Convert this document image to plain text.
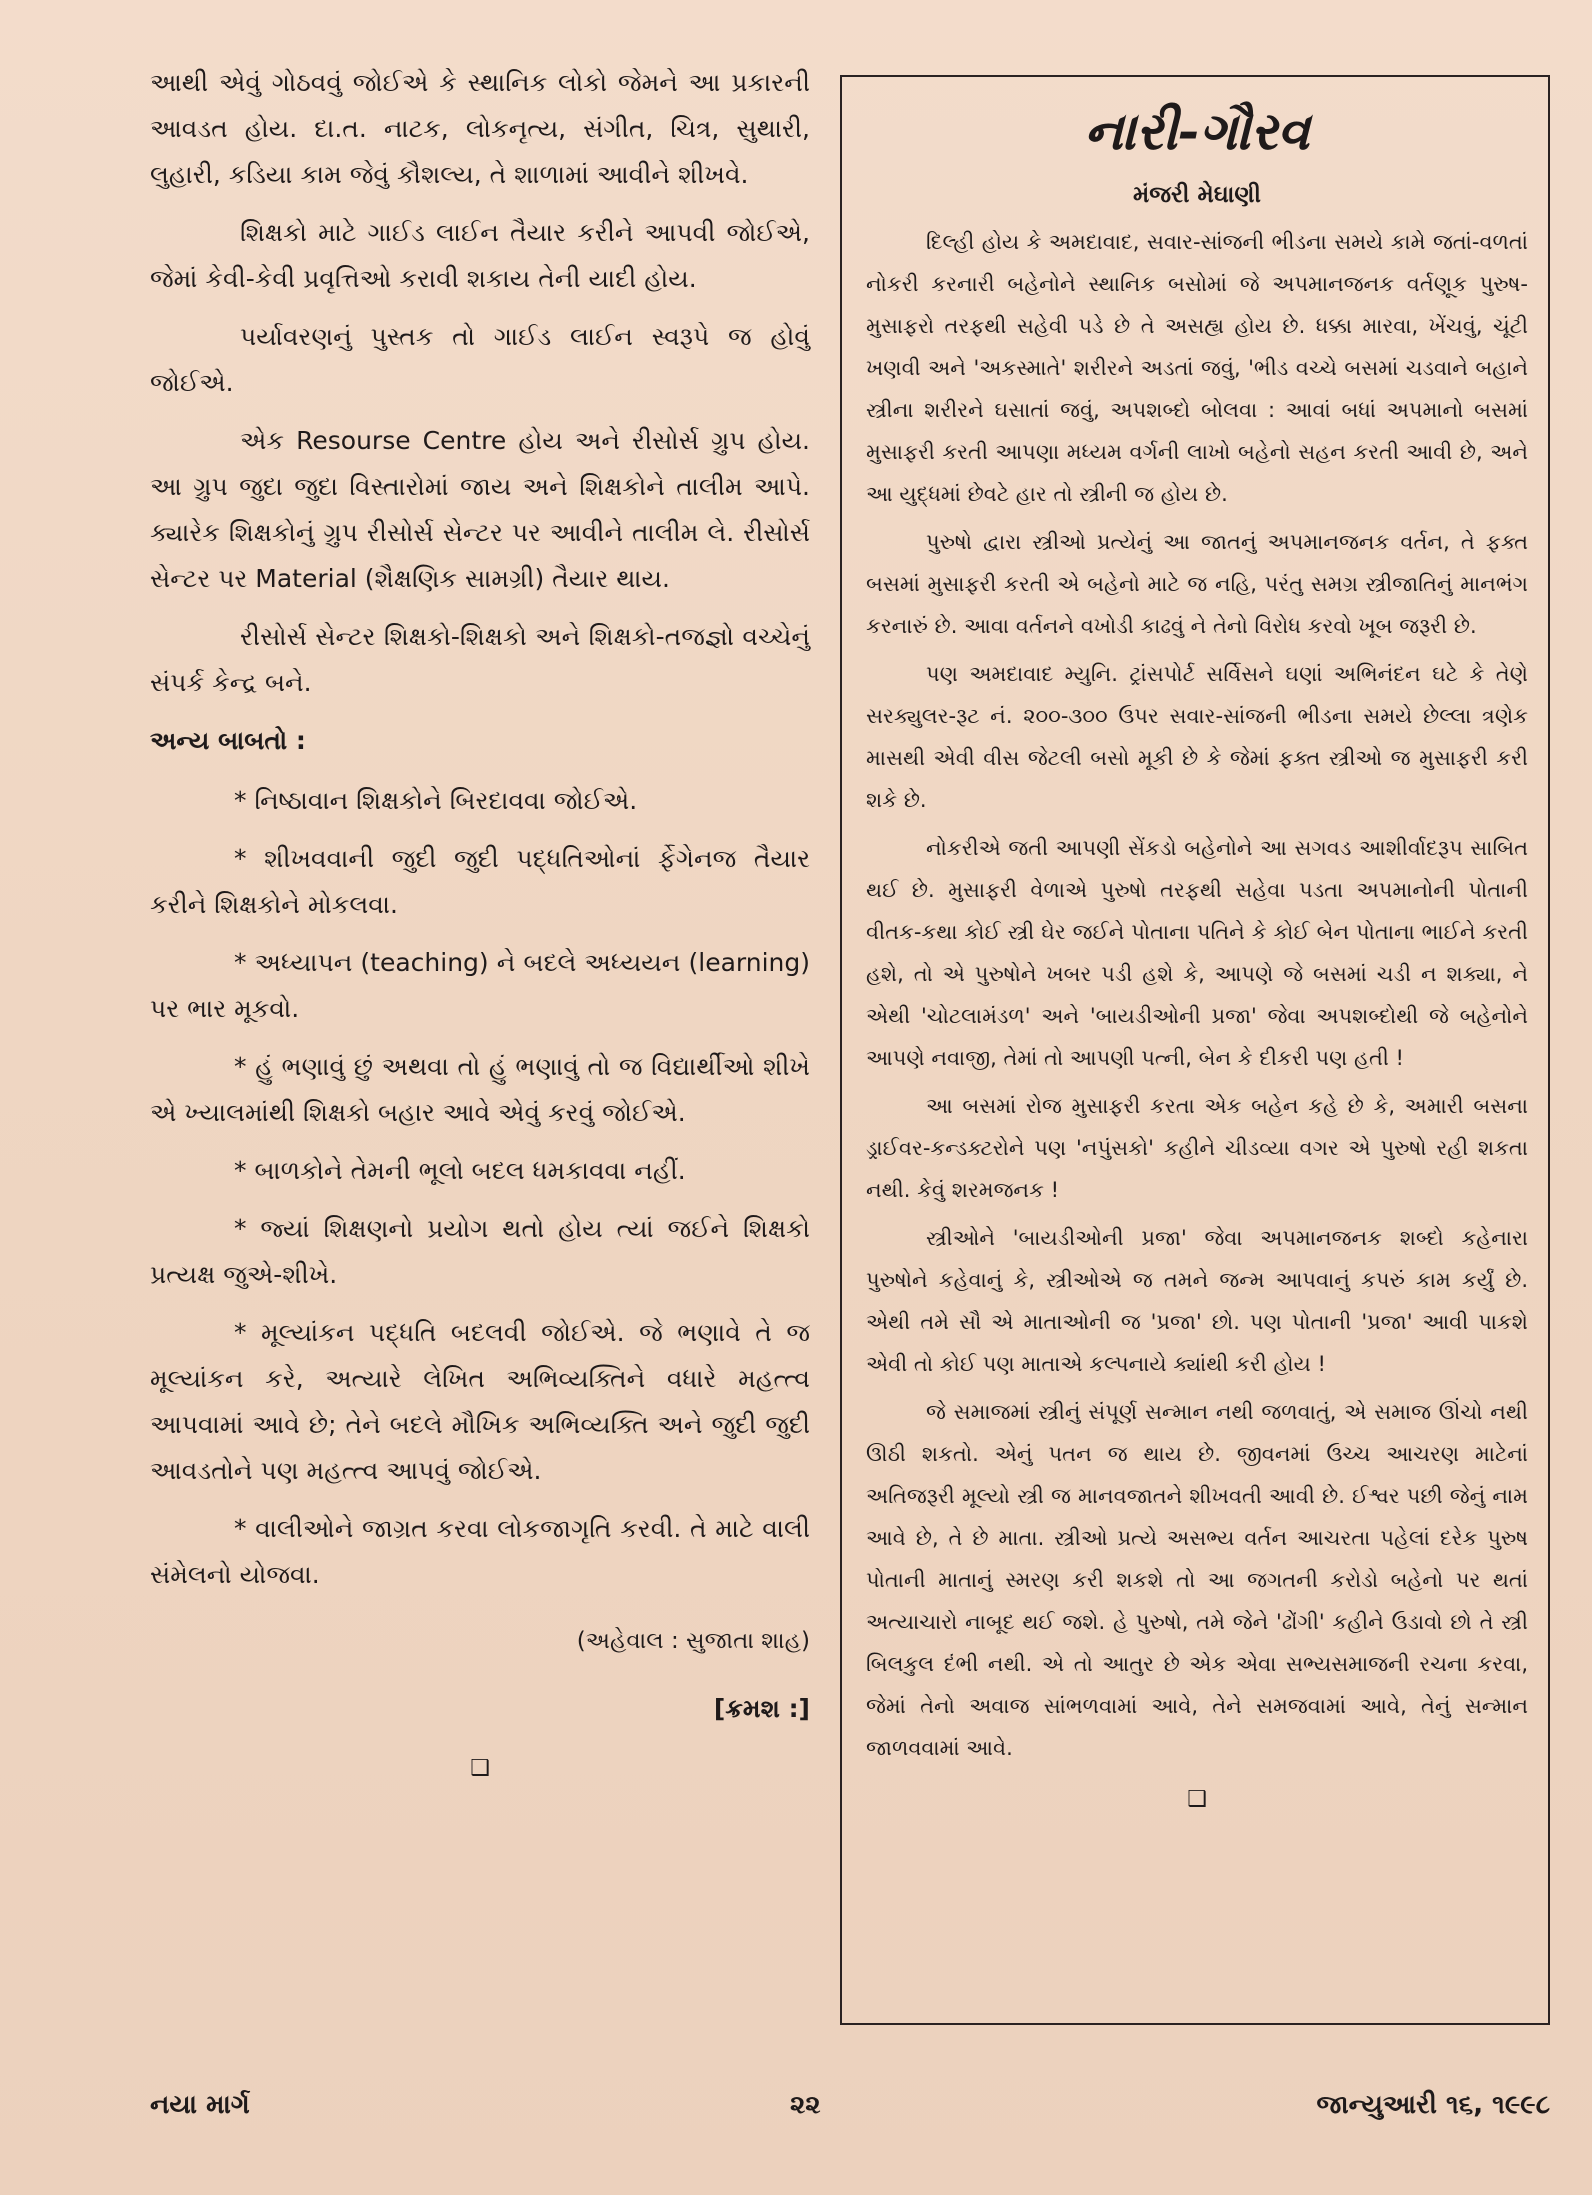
આથી એવું ગોઠવવું જોઈએ કે સ્થાનિક લોકો જેમને આ પ્રકારની આવડત હોય. દા.ત. નાટક, લોકનૃત્ય, સંગીત, ચિત્ર, સુથારી, લુહારી, કડિયા કામ જેવું કૌશલ્ય, તે શાળામાં આવીને શીખવે.

શિક્ષકો માટે ગાઈડ લાઈન તૈયાર કરીને આપવી જોઈએ, જેમાં કેવી-કેવી પ્રવૃત્તિઓ કરાવી શકાય તેની યાદી હોય.

પર્યાવરણનું પુસ્તક તો ગાઈડ લાઈન સ્વરૂપે જ હોવું જોઈએ.

એક Resourse Centre હોય અને રીસોર્સ ગ્રુપ હોય. આ ગ્રુપ જુદા જુદા વિસ્તારોમાં જાય અને શિક્ષકોને તાલીમ આપે. ક્યારેક શિક્ષકોનું ગ્રુપ રીસોર્સ સેન્ટર પર આવીને તાલીમ લે. રીસોર્સ સેન્ટર પર Material (શૈક્ષણિક સામગ્રી) તૈયાર થાય.

રીસોર્સ સેન્ટર શિક્ષકો-શિક્ષકો અને શિક્ષકો-તજજ્ઞો વચ્ચેનું સંપર્ક કેન્દ્ર બને.

અન્ય બાબતો :

* નિષ્ઠાવાન શિક્ષકોને બિરદાવવા જોઈએ.

* શીખવવાની જુદી જુદી પદ્ધતિઓનાં ર્ફેગેનજ તૈયાર કરીને શિક્ષકોને મોકલવા.

* અધ્યાપન (teaching) ને બદલે અધ્યયન (learning) પર ભાર મૂકવો.

* હું ભણાવું છું અથવા તો હું ભણાવું તો જ વિદ્યાર્થીઓ શીખે એ ખ્યાલમાંથી શિક્ષકો બહાર આવે એવું કરવું જોઈએ.

* બાળકોને તેમની ભૂલો બદલ ધમકાવવા નહીં.

* જ્યાં શિક્ષણનો પ્રયોગ થતો હોય ત્યાં જઈને શિક્ષકો પ્રત્યક્ષ જુએ-શીખે.

* મૂલ્યાંકન પદ્ધતિ બદલવી જોઈએ. જે ભણાવે તે જ મૂલ્યાંકન કરે, અત્યારે લેખિત અભિવ્યક્તિને વધારે મહત્ત્વ આપવામાં આવે છે; તેને બદલે મૌખિક અભિવ્યક્તિ અને જુદી જુદી આવડતોને પણ મહત્ત્વ આપવું જોઈએ.

* વાલીઓને જાગ્રત કરવા લોકજાગૃતિ કરવી. તે માટે વાલી સંમેલનો યોજવા.

(અહેવાલ : સુજાતા શાહ)
[ક્રમશ :]
❑
નારી-ગૌરવ
મંજરી મેઘાણી

દિલ્હી હોય કે અમદાવાદ, સવાર-સાંજની ભીડના સમયે કામે જતાં-વળતાં નોકરી કરનારી બહેનોને સ્થાનિક બસોમાં જે અપમાનજનક વર્તણૂક પુરુષ-મુસાફરો તરફથી સહેવી પડે છે તે અસહ્ય હોય છે. ધક્કા મારવા, ખેંચવું, ચૂંટી ખણવી અને 'અકસ્માતે' શરીરને અડતાં જવું, 'ભીડ વચ્ચે બસમાં ચડવાને બહાને સ્ત્રીના શરીરને ઘસાતાં જવું, અપશબ્દો બોલવા : આવાં બધાં અપમાનો બસમાં મુસાફરી કરતી આપણા મધ્યમ વર્ગની લાખો બહેનો સહન કરતી આવી છે, અને આ યુદ્ધમાં છેવટે હાર તો સ્ત્રીની જ હોય છે.

પુરુષો દ્વારા સ્ત્રીઓ પ્રત્યેનું આ જાતનું અપમાનજનક વર્તન, તે ફક્ત બસમાં મુસાફરી કરતી એ બહેનો માટે જ નહિ, પરંતુ સમગ્ર સ્ત્રીજાતિનું માનભંગ કરનારું છે. આવા વર્તનને વખોડી કાઢવું ને તેનો વિરોધ કરવો ખૂબ જરૂરી છે.

પણ અમદાવાદ મ્યુનિ. ટ્રાંસપોર્ટ સર્વિસને ઘણાં અભિનંદન ઘટે કે તેણે સરક્યુલર-રૂટ નં. ૨૦૦-૩૦૦ ઉપર સવાર-સાંજની ભીડના સમયે છેલ્લા ત્રણેક માસથી એવી વીસ જેટલી બસો મૂકી છે કે જેમાં ફક્ત સ્ત્રીઓ જ મુસાફરી કરી શકે છે.

નોકરીએ જતી આપણી સેંકડો બહેનોને આ સગવડ આશીર્વાદરૂપ સાબિત થઈ છે. મુસાફરી વેળાએ પુરુષો તરફથી સહેવા પડતા અપમાનોની પોતાની વીતક-કથા કોઈ સ્ત્રી ઘેર જઈને પોતાના પતિને કે કોઈ બેન પોતાના ભાઈને કરતી હશે, તો એ પુરુષોને ખબર પડી હશે કે, આપણે જે બસમાં ચડી ન શક્યા, ને એથી 'ચોટલામંડળ' અને 'બાયડીઓની પ્રજા' જેવા અપશબ્દોથી જે બહેનોને આપણે નવાજી, તેમાં તો આપણી પત્ની, બેન કે દીકરી પણ હતી !

આ બસમાં રોજ મુસાફરી કરતા એક બહેન કહે છે કે, અમારી બસના ડ્રાઈવર-કન્ડક્ટરોને પણ 'નપુંસકો' કહીને ચીડવ્યા વગર એ પુરુષો રહી શકતા નથી. કેવું શરમજનક !

સ્ત્રીઓને 'બાયડીઓની પ્રજા' જેવા અપમાનજનક શબ્દો કહેનારા પુરુષોને કહેવાનું કે, સ્ત્રીઓએ જ તમને જન્મ આપવાનું કપરું કામ કર્યું છે. એથી તમે સૌ એ માતાઓની જ 'પ્રજા' છો. પણ પોતાની 'પ્રજા' આવી પાકશે એવી તો કોઈ પણ માતાએ કલ્પનાયે ક્યાંથી કરી હોય !

જે સમાજમાં સ્ત્રીનું સંપૂર્ણ સન્માન નથી જળવાતું, એ સમાજ ઊંચો નથી ઊઠી શકતો. એનું પતન જ થાય છે. જીવનમાં ઉચ્ચ આચરણ માટેનાં અતિજરૂરી મૂલ્યો સ્ત્રી જ માનવજાતને શીખવતી આવી છે. ઈશ્વર પછી જેનું નામ આવે છે, તે છે માતા. સ્ત્રીઓ પ્રત્યે અસભ્ય વર્તન આચરતા પહેલાં દરેક પુરુષ પોતાની માતાનું સ્મરણ કરી શકશે તો આ જગતની કરોડો બહેનો પર થતાં અત્યાચારો નાબૂદ થઈ જશે. હે પુરુષો, તમે જેને 'ઢોંગી' કહીને ઉડાવો છો તે સ્ત્રી બિલકુલ દંભી નથી. એ તો આતુર છે એક એવા સભ્યસમાજની રચના કરવા, જેમાં તેનો અવાજ સાંભળવામાં આવે, તેને સમજવામાં આવે, તેનું સન્માન જાળવવામાં આવે.

❑
નયા માર્ગ	૨૨	જાન્યુઆરી ૧૬, ૧૯૯૮
